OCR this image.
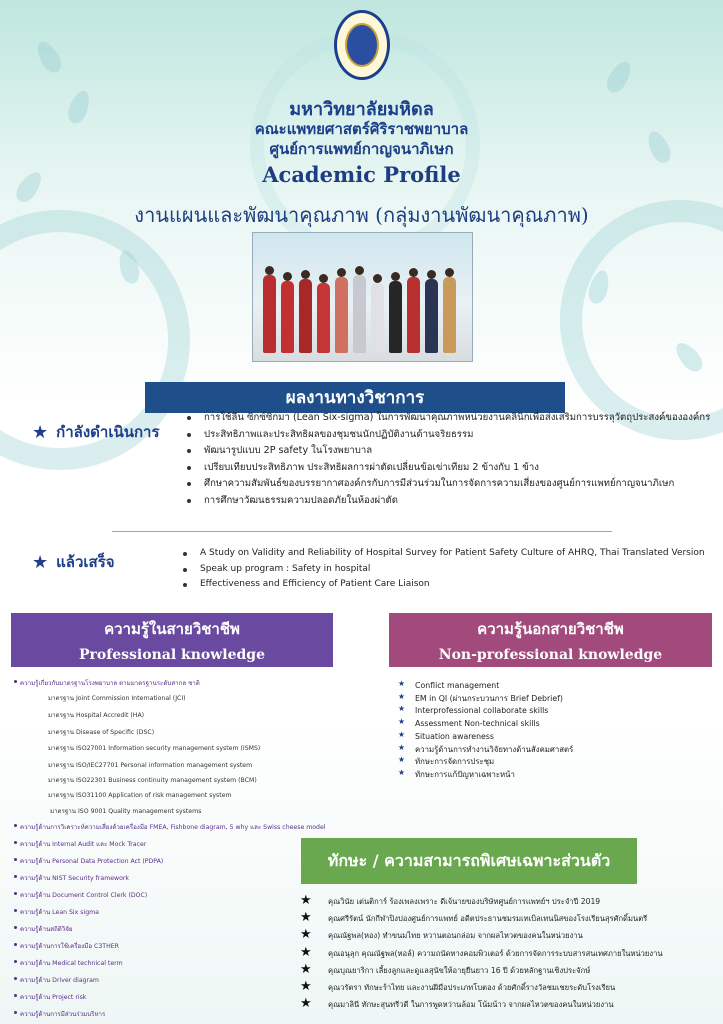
มหาวิทยาลัยมหิดล
คณะแพทยศาสตร์ศิริราชพยาบาล
ศูนย์การแพทย์กาญจนาภิเษก
Academic Profile
งานแผนและพัฒนาคุณภาพ (กลุ่มงานพัฒนาคุณภาพ)
ผลงานทางวิชาการ
★ กำลังดำเนินการ
การใช้ลีน ซิกซ์ซิกมา (Lean Six-sigma) ในการพัฒนาคุณภาพหน่วยงานคลินิกเพื่อส่งเสริมการบรรลุวัตถุประสงค์ขององค์กร
ประสิทธิภาพและประสิทธิผลของชุมชนนักปฏิบัติงานด้านจริยธรรม
พัฒนารูปแบบ 2P safety ในโรงพยาบาล
เปรียบเทียบประสิทธิภาพ ประสิทธิผลการผ่าตัดเปลี่ยนข้อเข่าเทียม 2 ข้างกับ 1 ข้าง
ศึกษาความสัมพันธ์ของบรรยากาศองค์กรกับการมีส่วนร่วมในการจัดการความเสี่ยงของศูนย์การแพทย์กาญจนาภิเษก
การศึกษาวัฒนธรรมความปลอดภัยในห้องผ่าตัด
★ แล้วเสร็จ	A Study on Validity and Reliability of Hospital Survey for Patient Safety Culture of AHRQ, Thai Translated Version
Speak up program : Safety in hospital
Effectiveness and Efficiency of Patient Care Liaison
ความรู้ในสายวิชาชีพ
Professional knowledge
ความรู้นอกสายวิชาชีพ
Non-professional knowledge
ความรู้เกี่ยวกับมาตรฐานโรงพยาบาล ตามมาตรฐานระดับสากล ชาติ
มาตรฐาน Joint Commission International (JCI)
มาตรฐาน Hospital Accredit (HA)
มาตรฐาน Disease of Specific (DSC)
มาตรฐาน ISO27001 Information security management system (ISMS)
มาตรฐาน ISO/IEC27701 Personal information management system
มาตรฐาน ISO22301 Business continuity management system (BCM)
มาตรฐาน ISO31100 Application of risk management system
มาตรฐาน ISO 9001 Quality management systems
ความรู้ด้านการวิเคราะห์ความเสี่ยงด้วยเครื่องมือ FMEA, Fishbone diagram, 5 why และ Swiss cheese model
ความรู้ด้าน Internal Audit และ Mock Tracer
ความรู้ด้าน Personal Data Protection Act (PDPA)
ความรู้ด้าน NIST Security framework
ความรู้ด้าน Document Control Clerk (DOC)
ความรู้ด้าน Lean Six sigma
ความรู้ด้านสถิติวิจัย
ความรู้ด้านการใช้เครื่องมือ C3THER
ความรู้ด้าน Medical technical term
ความรู้ด้าน Driver diagram
ความรู้ด้าน Project risk
ความรู้ด้านการมีส่วนร่วมบริหาร
★ Conflict management
★ EM in QI (ผ่านกระบวนการ Brief Debrief)
★ Interprofessional collaborate skills
★ Assessment Non-technical skills
★ Situation awareness
★ ความรู้ด้านการทำงานวิจัยทางด้านสังคมศาสตร์
★ ทักษะการจัดการประชุม
★ ทักษะการแก้ปัญหาเฉพาะหน้า
ทักษะ / ความสามารถพิเศษเฉพาะส่วนตัว
★ คุณวินัย เต่นติการ์ ร้องเพลงเพราะ ดีเจ้นายของบริษัทศูนย์การแพทย์ฯ ประจำปี 2019
★ คุณศรีรัตน์ นักกีฬาปิงปองศูนย์การแพทย์ อดีตประธานชมรมเทเบิลเทนนิสของโรงเรียนสุรศักดิ์มนตรี
★ คุณณัฐพล(หอง) ทำขนมไทย หวานตอนกล่อม จากผลไหวตของคนในหน่วยงาน
★ คุณอนุลุก คุณณัฐพล(หอล์) ความถนัดทางคอมพิวเตอร์ ด้วยการจัดการระบบสารสนเทศภายในหน่วยงาน
★ คุณบุณยาริกา เลี้ยงลูกและดูแลสุนัขให้อายุยืนยาว 16 ปี ด้วยหลักฐานเชิงประจักษ์
★ คุณวรัตรา ทักษะร้าไทย และงานฝีมือประเภทโบตอง ด้วยศักดิ์รางวัลชมเชยระดับโรงเรียน
★ คุณมาลินี ทักษะสุนทรีวดี ในการพูดหว่านล้อม โน้มน้าว จากผลไหวตของคนในหน่วยงาน
